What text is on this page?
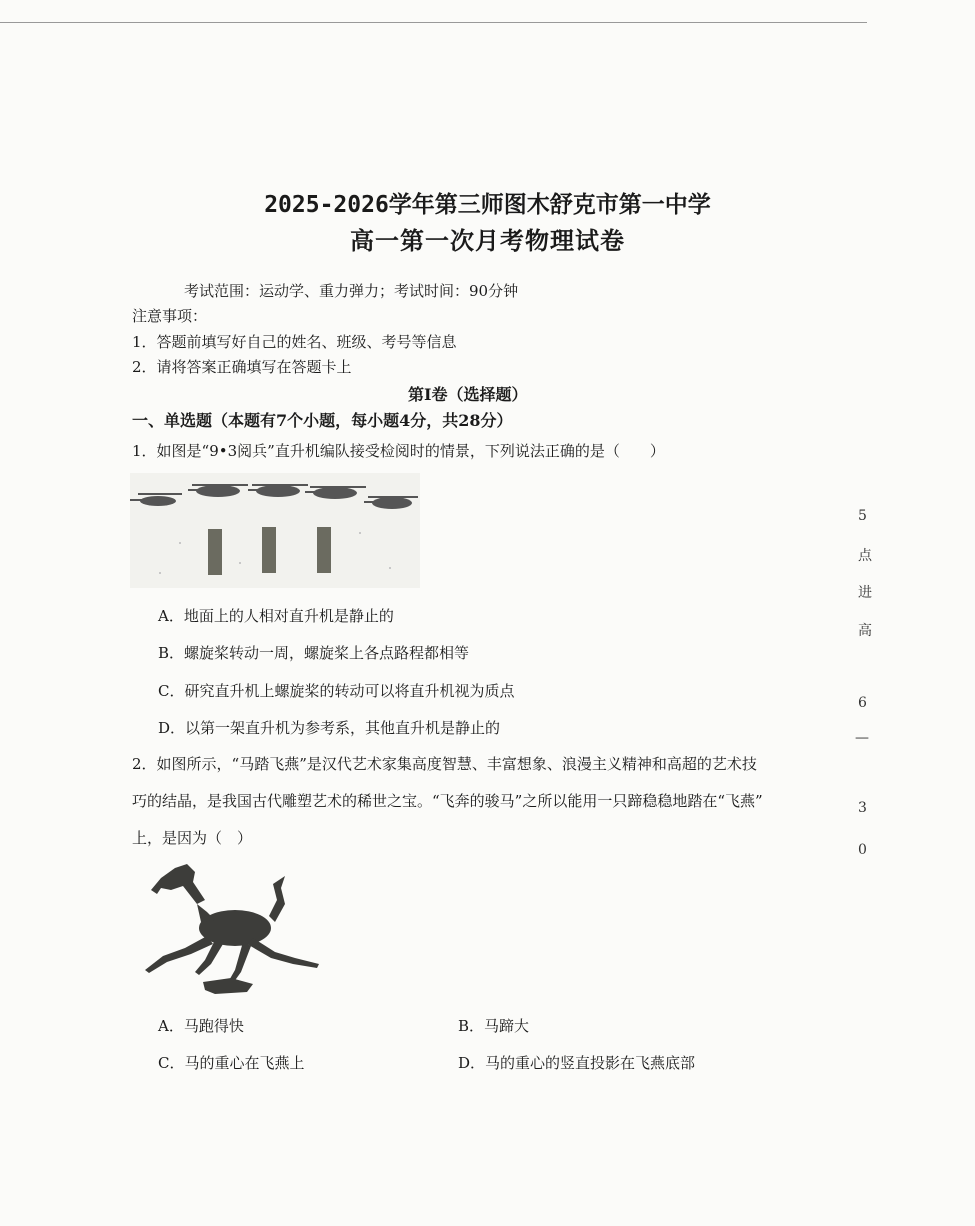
2025-2026学年第三师图木舒克市第一中学
高一第一次月考物理试卷
考试范围：运动学、重力弹力；考试时间：90分钟
注意事项：
1．答题前填写好自己的姓名、班级、考号等信息
2．请将答案正确填写在答题卡上
第I卷（选择题）
一、单选题（本题有7个小题，每小题4分，共28分）
1．如图是“9•3阅兵”直升机编队接受检阅时的情景，下列说法正确的是（　　）
A．地面上的人相对直升机是静止的
B．螺旋桨转动一周，螺旋桨上各点路程都相等
C．研究直升机上螺旋桨的转动可以将直升机视为质点
D．以第一架直升机为参考系，其他直升机是静止的
2．如图所示，“马踏飞燕”是汉代艺术家集高度智慧、丰富想象、浪漫主义精神和高超的艺术技
巧的结晶，是我国古代雕塑艺术的稀世之宝。“飞奔的骏马”之所以能用一只蹄稳稳地踏在“飞燕”
上，是因为（　）
A．马跑得快	B．马蹄大
C．马的重心在飞燕上	D．马的重心的竖直投影在飞燕底部
5
点
进
高
6
—
3
0
